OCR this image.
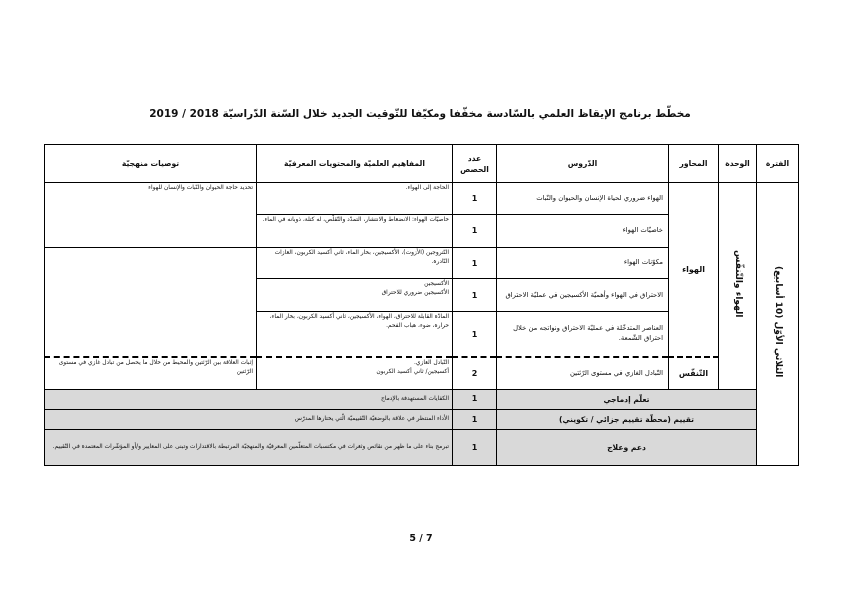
مخطّط برنامج الإيقاظ العلمي بالسّادسة مخفّفا ومكيّفا للتّوقيت الجديد خلال السّنة الدّراسيّة 2018 / 2019
الفترة	الوحدة	المحاور	الدّروس	عدد الحصص	المفاهيم العلميّة والمحتويات المعرفيّة	توصيات منهجيّة
الثلاثي الأوّل (10 أسابيع)	الهواء والتّنفّس	الهواء	الهواء ضروري لحياة الإنسان والحيوان والنّبات	1	الحاجة إلى الهواء.	تحديد حاجة الحيوان والنّبات والإنسان للهواء
			خاصيّات الهواء	1	خاصيّات الهواء: الانضغاط والانتشار، التمدّد والتّقلّص، له كتلة، ذوبانه في الماء.	
			مكوّنات الهواء	1	النّتروجين (الأزوت)، الأكسيجين، بخار الماء، ثاني أكسيد الكربون، الغازات النّادرة.	
			الاحتراق في الهواء وأهميّة الأكسيجين في عمليّة الاحتراق	1	الأكسيجين
الأكسيجين ضروري للاحتراق	
			العناصر المتدخّلة في عمليّة الاحتراق ونواتجه من خلال احتراق الشّمعة.	1	المادّة القابلة للاحتراق، الهواء، الأكسيجين، ثاني أكسيد الكربون، بخار الماء، حرارة، ضوء، هباب الفحم.	
		التّنفّس	التّبادل الغازي في مستوى الرّئتين	2	التّبادل الغازي.
أكسيجين/ ثاني أكسيد الكربون	إثبات العلاقة بين الرّئتين والمحيط من خلال ما يحصل من تبادل غازي في مستوى الرّئتين
	تعلّم إدماجي			1	الكفايات المستهدفة بالإدماج	
	تقييم (محطّة تقييم جزائي / تكويني)			1	الأداء المنتظر في علاقة بالوضعيّة التّقييميّة الّتي يختارها المدرّس	
	دعم وعلاج			1	تبرمج بناء على ما ظهر من نقائص وثغرات في مكتسبات المتعلّمين المعرفيّة والمنهجيّة المرتبطة بالاقتدارات وتبنى على المعايير و/أو المؤشّرات المعتمدة في التّقييم.	
5 / 7
